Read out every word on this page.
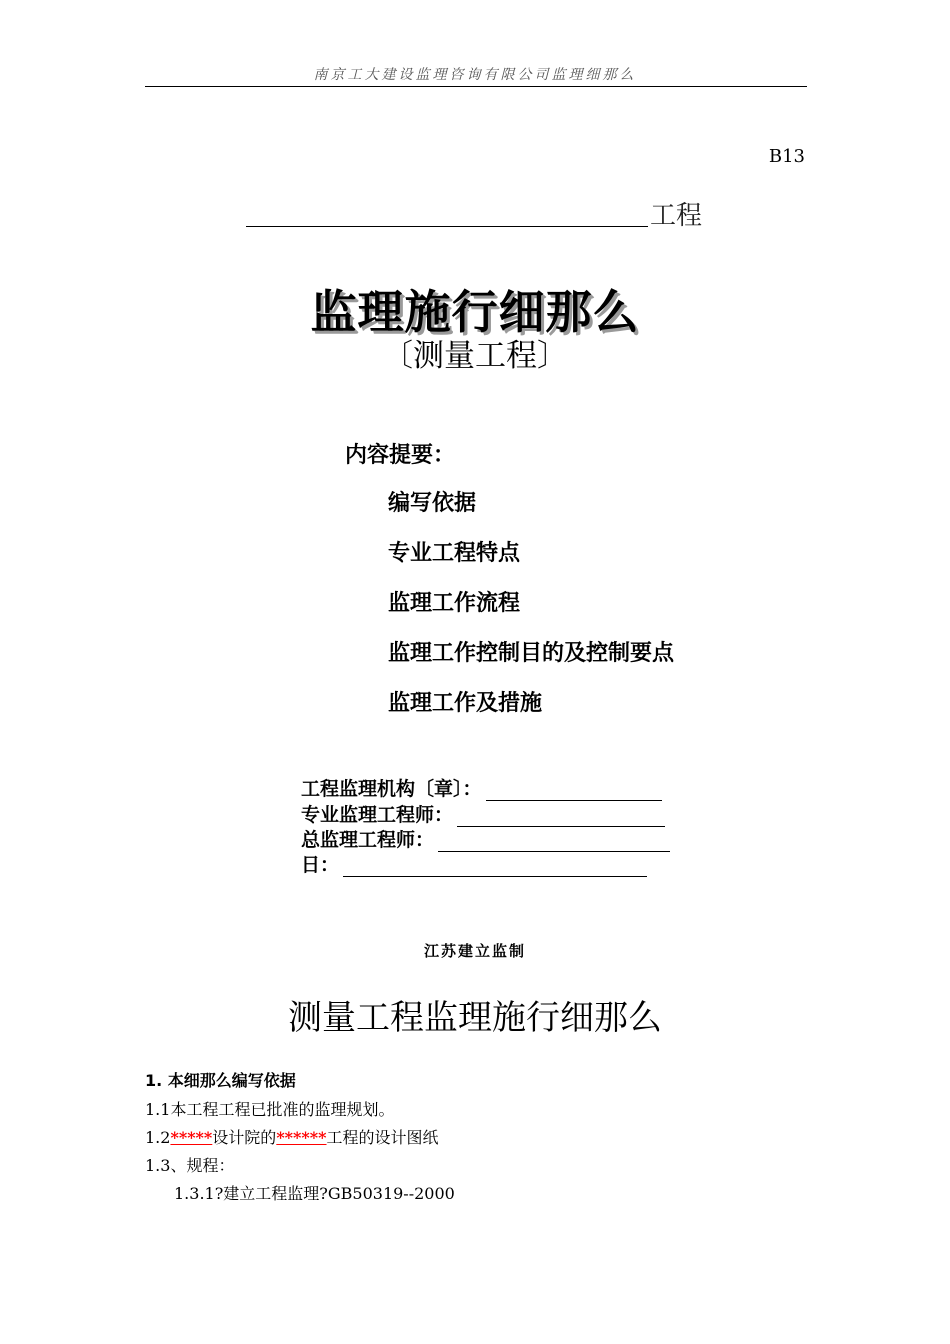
南京工大建设监理咨询有限公司监理细那么
B13
工程
监理施行细那么
〔测量工程〕
内容提要：
编写依据
专业工程特点
监理工作流程
监理工作控制目的及控制要点
监理工作及措施
工程监理机构〔章〕：
专业监理工程师：
总监理工程师：
日：
江苏建立监制
测量工程监理施行细那么
1. 本细那么编写依据
1.1本工程工程已批准的监理规划。
1.2*****设计院的******工程的设计图纸
1.3、规程：
1.3.1?建立工程监理?GB50319--2000
